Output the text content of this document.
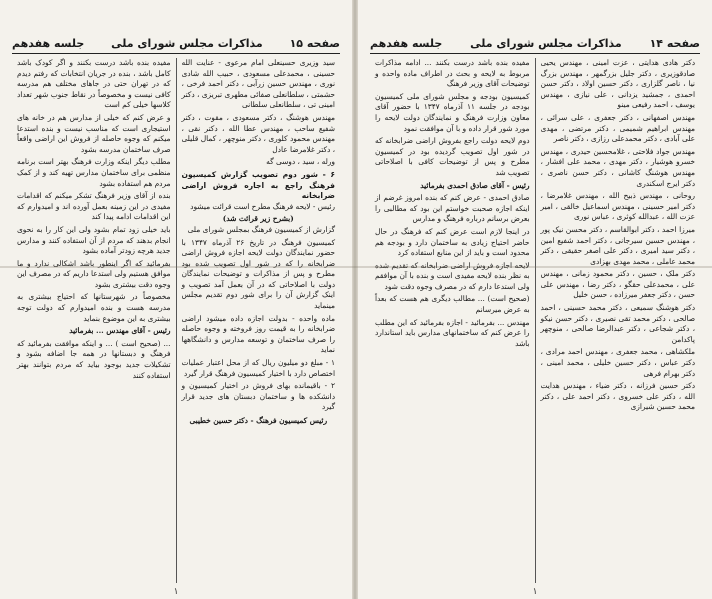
صفحه ۱۵
مذاکرات مجلس شورای ملی
جلسه هفدهم

سید وزیری حسینعلی امام مرعوی - عنایت الله حسینی ، محمدعلی مسعودی ، حبیب الله شادی نوری ، مهندس حسین زرآبی ، دکتر احمد فرخی ، حشمتی ، سلطانعلی صفائی مطهری تبریزی ، دکتر امینی تی ، سلطانعلی سلطانی

مهندس هوشنگ ، دکتر مسعودی ، مقوت ، دکتر شفیع ساحب ، مهندس عطا الله ، دکتر نقی ، مهندس محمود کلوری ، دکتر منوچهر ، کمال قلیلی ، دکتر غلامرضا عادل

ورله ، سید ، دوسی گه

۶ - شور دوم تصویب گزارش کمیسیون فرهنگ راجع به اجاره فروش اراضی ضرابخانه

رئیس - لایحه فرهنگ مطرح است قرائت میشود

(بشرح زیر قرائت شد)

گزارش از کمیسیون فرهنگ بمجلس شورای ملی

کمیسیون فرهنگ در تاریخ ۲۶ آذرماه ۱۳۴۷ با حضور نمایندگان دولت لایحه اجازه فروش اراضی ضرابخانه را که در شور اول تصویب شده بود مطرح و پس از مذاکرات و توضیحات نمایندگان دولت با اصلاحاتی که در آن بعمل آمد تصویب و اینک گزارش آن را برای شور دوم تقدیم مجلس مینماید

ماده واحده - بدولت اجازه داده میشود اراضی ضرابخانه را به قیمت روز فروخته و وجوه حاصله را صرف ساختمان و توسعه مدارس و دانشگاهها نماید

۱ - مبلغ دو میلیون ریال که از محل اعتبار عملیات اختصاص دارد با اختیار کمیسیون فرهنگ قرار گیرد

۲ - باقیمانده بهای فروش در اختیار کمیسیون و دانشکده ها و ساختمان دبستان های جدید قرار گیرد

رئیس کمیسیون فرهنگ - دکتر حسین خطیبی

مفیده بنده باشد درست بکنند و اگر کودک باشد کامل باشد ، بنده در جریان انتخابات که رفتم دیدم که در تهران حتی در جاهای مختلف هم مدرسه کافی نیست و مخصوصاً در نقاط جنوب شهر تعداد کلاسها خیلی کم است

و عرض کنم که خیلی از مدارس هم در خانه های استیجاری است که مناسب نیست و بنده استدعا میکنم که وجوه حاصله از فروش این اراضی واقعاً صرف ساختمان مدرسه بشود

مطلب دیگر اینکه وزارت فرهنگ بهتر است برنامه منظمی برای ساختمان مدارس تهیه کند و از کمک مردم هم استفاده بشود

بنده از آقای وزیر فرهنگ تشکر میکنم که اقدامات مفیدی در این زمینه بعمل آورده اند و امیدوارم که این اقدامات ادامه پیدا کند

باید خیلی زود تمام بشود ولی این کار را به نحوی انجام بدهند که مردم از آن استفاده کنند و مدارس جدید هرچه زودتر آماده بشود

بفرمائید که اگر اینطور باشد اشکالی ندارد و ما موافق هستیم ولی استدعا داریم که در مصرف این وجوه دقت بیشتری بشود

مخصوصاً در شهرستانها که احتیاج بیشتری به مدرسه هست و بنده امیدوارم که دولت توجه بیشتری به این موضوع بنماید

رئیس - آقای مهندس ... بفرمائید

... (صحیح است ) ... و اینکه موافقت بفرمائید که فرهنگ و دبستانها در همه جا اضافه بشود و تشکیلات جدید بوجود بیاید که مردم بتوانند بهتر استفاده کنند

۱
صفحه ۱۴
مذاکرات مجلس شورای ملی
جلسه هفدهم

دکتر هادی هدایتی ، عزت امینی ، مهندس یحیی صادقوزیری ، دکتر جلیل بزرگمهر ، مهندس بزرگ نیا ، ناصر گلزاری ، دکتر حسین اولاد ، دکتر حسن احمدی ، جمشید یزدانی ، علی نیازی ، مهندس یوسف ، احمد رفیعی مینو

مهندس اصفهانی ، دکتر جعفری ، علی سرائی ، مهندس ابراهیم شمیمی ، دکتر مرتضی ، مهدی علی آبادی ، دکتر محمدعلی رزازی ، دکتر ناصر

مهندس جواد فلاحتی ، غلامحسین حیدری ، مهندس خسرو هوشیار ، دکتر مهدی ، محمد علی افشار ، مهندس هوشنگ کاشانی ، دکتر حسن ناصری ، دکتر ایرج اسکندری

روحانی ، مهندس ذبیح الله ، مهندس غلامرضا ، دکتر امیر حسینی ، مهندس اسماعیل خالقی ، امیر عزت الله ، عبدالله کوثری ، عباس نوری

میرزا احمد ، دکتر ابوالقاسم ، دکتر محسن نیک پور ، مهندس حسین سیرجانی ، دکتر احمد شفیع امین ، دکتر سید امیری ، دکتر علی اصغر حقیقی ، دکتر محمد عاملی ، محمد مهدی بهزادی

دکتر ملک ، حسین ، دکتر محمود زمانی ، مهندس علی ، محمدعلی حقگو ، دکتر رضا ، مهندس علی حسن ، دکتر جعفر میرزاده ، حسن خلیل

دکتر هوشنگ سمیعی ، دکتر محمد حسینی ، احمد صالحی ، دکتر محمد تقی نصیری ، دکتر حسن نیکو ، دکتر شجاعی ، دکتر عبدالرضا صالحی ، منوچهر پاکدامن

ملکشاهی ، محمد جعفری ، مهندس احمد مرادی ، دکتر عباس ، دکتر حسین خلیلی ، محمد امینی ، دکتر بهرام فرهی

دکتر حسین فرزانه ، دکتر ضیاء ، مهندس هدایت الله ، دکتر علی خسروی ، دکتر احمد علی ، دکتر محمد حسین شیرازی

مفیده بنده باشد درست بکنند ... ادامه مذاکرات مربوط به لایحه و بحث در اطراف ماده واحده و توضیحات آقای وزیر فرهنگ

کمیسیون بودجه و مجلس شورای ملی کمیسیون بودجه در جلسه ۱۱ آذرماه ۱۳۴۷ با حضور آقای معاون وزارت فرهنگ و نمایندگان دولت لایحه را مورد شور قرار داده و با آن موافقت نمود

دوم لایحه دولت راجع بفروش اراضی ضرابخانه که در شور اول تصویب گردیده بود در کمیسیون مطرح و پس از توضیحات کافی با اصلاحاتی تصویب شد

رئیس - آقای صادق احمدی بفرمائید

صادق احمدی - عرض کنم که بنده امروز غرضم از اینکه اجازه صحبت خواستم این بود که مطالبی را بعرض برسانم درباره فرهنگ و مدارس

در اینجا لازم است عرض کنم که فرهنگ در حال حاضر احتیاج زیادی به ساختمان دارد و بودجه هم محدود است و باید از این منابع استفاده کرد

لایحه اجازه فروش اراضی ضرابخانه که تقدیم شده به نظر بنده لایحه مفیدی است و بنده با آن موافقم ولی استدعا دارم که در مصرف وجوه دقت شود

(صحیح است) ... مطالب دیگری هم هست که بعداً به عرض میرسانم

مهندس ... بفرمائید - اجازه بفرمائید که این مطلب را عرض کنم که ساختمانهای مدارس باید استاندارد باشد

۱
